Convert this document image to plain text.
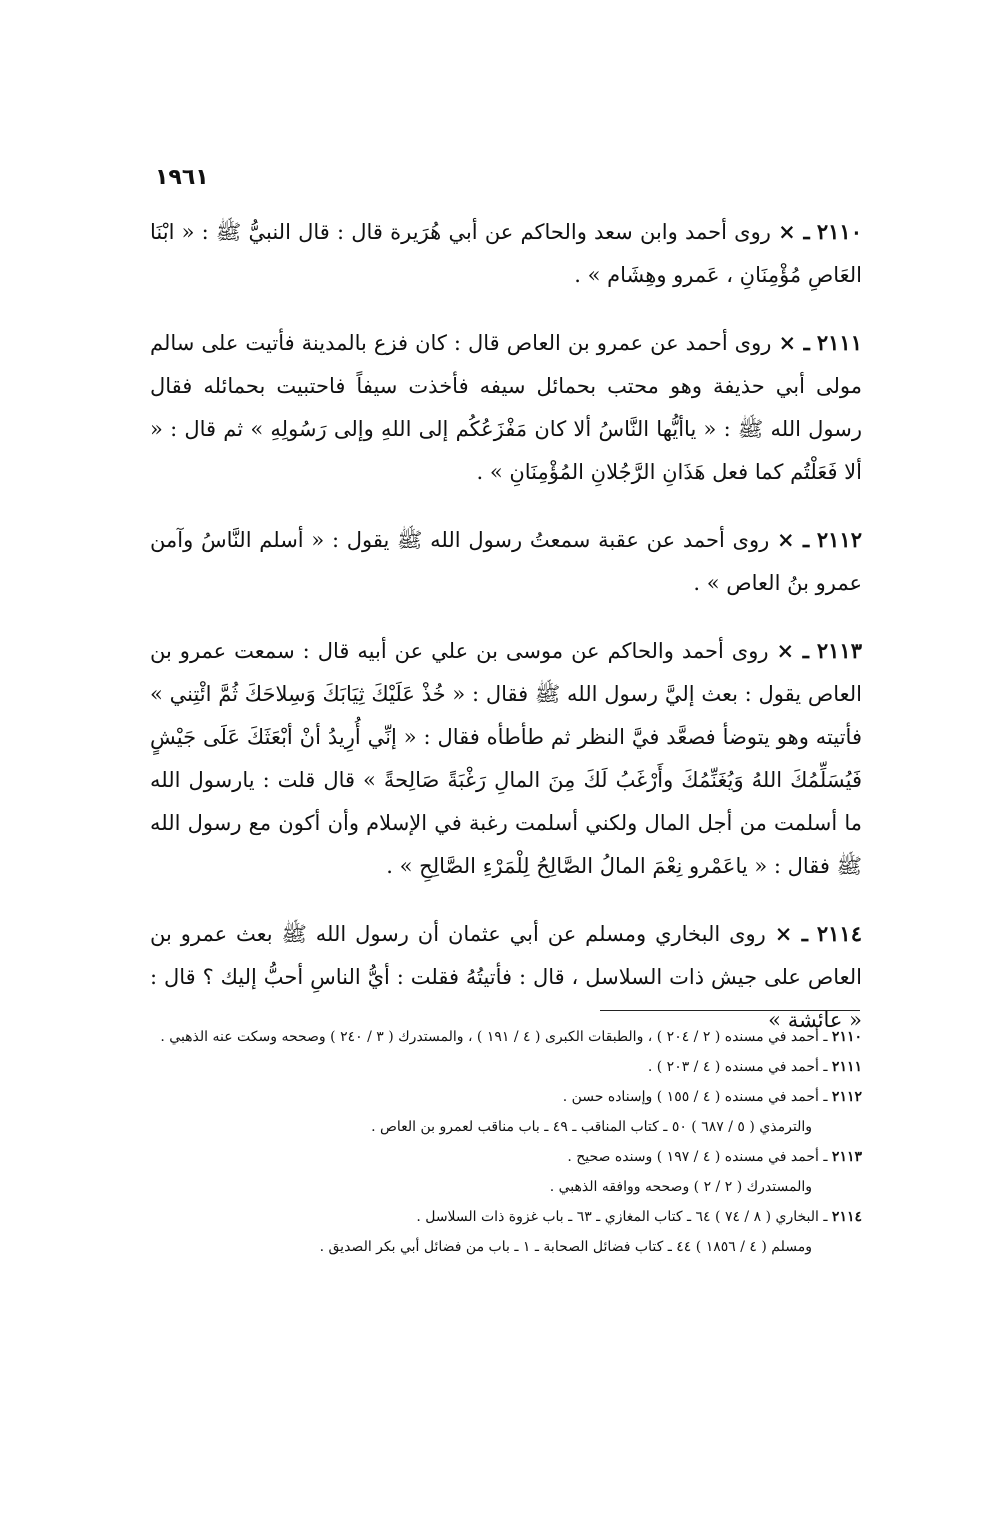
١٩٦١

٢١١٠ ـ × روى أحمد وابن سعد والحاكم عن أبي هُرَيرة قال : قال النبيُّ ﷺ : « ابْنَا العَاصِ مُؤْمِنَانِ ، عَمرو وهِشَام » .

٢١١١ ـ × روى أحمد عن عمرو بن العاص قال : كان فزع بالمدينة فأتيت على سالم مولى أبي حذيفة وهو محتب بحمائل سيفه فأخذت سيفاً فاحتبيت بحمائله فقال رسول الله ﷺ : « ياأيُّها النَّاسُ ألا كان مَفْزَعُكُم إلى اللهِ وإلى رَسُولِهِ » ثم قال : « ألا فَعَلْتُم كما فعل هَذَانِ الرَّجُلانِ المُؤْمِنَانِ » .

٢١١٢ ـ × روى أحمد عن عقبة سمعتُ رسول الله ﷺ يقول : « أسلم النَّاسُ وآمن عمرو بنُ العاص » .

٢١١٣ ـ × روى أحمد والحاكم عن موسى بن علي عن أبيه قال : سمعت عمرو بن العاص يقول : بعث إليَّ رسول الله ﷺ فقال : « خُذْ عَلَيْكَ ثِيَابَكَ وَسِلاحَكَ ثُمَّ ائْتِني » فأتيته وهو يتوضأ فصعَّد فيَّ النظر ثم طأطأه فقال : « إنِّي أُرِيدُ أنْ أبْعَثَكَ عَلَى جَيْشٍ فَيُسَلِّمُكَ اللهُ وَيُغَنِّمُكَ وأَرْغَبُ لَكَ مِنَ المالِ رَغْبَةً صَالِحةً » قال قلت : يارسول الله ما أسلمت من أجل المال ولكني أسلمت رغبة في الإسلام وأن أكون مع رسول الله ﷺ فقال : « ياعَمْرو نِعْمَ المالُ الصَّالِحُ لِلْمَرْءِ الصَّالِحِ » .

٢١١٤ ـ × روى البخاري ومسلم عن أبي عثمان أن رسول الله ﷺ بعث عمرو بن العاص على جيش ذات السلاسل ، قال : فأتيتُهُ فقلت : أيُّ الناسِ أحبُّ إليك ؟ قال : « عائشة »

٢١١٠ ـ أحمد في مسنده ( ٢ / ٢٠٤ ) ، والطبقات الكبرى ( ٤ / ١٩١ ) ، والمستدرك ( ٣ / ٢٤٠ ) وصححه وسكت عنه الذهبي .

٢١١١ ـ أحمد في مسنده ( ٤ / ٢٠٣ ) .

٢١١٢ ـ أحمد في مسنده ( ٤ / ١٥٥ ) وإسناده حسن .

والترمذي ( ٥ / ٦٨٧ ) ٥٠ ـ كتاب المناقب ـ ٤٩ ـ باب مناقب لعمرو بن العاص .

٢١١٣ ـ أحمد في مسنده ( ٤ / ١٩٧ ) وسنده صحيح .

والمستدرك ( ٢ / ٢ ) وصححه ووافقه الذهبي .

٢١١٤ ـ البخاري ( ٨ / ٧٤ ) ٦٤ ـ كتاب المغازي ـ ٦٣ ـ باب غزوة ذات السلاسل .

ومسلم ( ٤ / ١٨٥٦ ) ٤٤ ـ كتاب فضائل الصحابة ـ ١ ـ باب من فضائل أبي بكر الصديق .
